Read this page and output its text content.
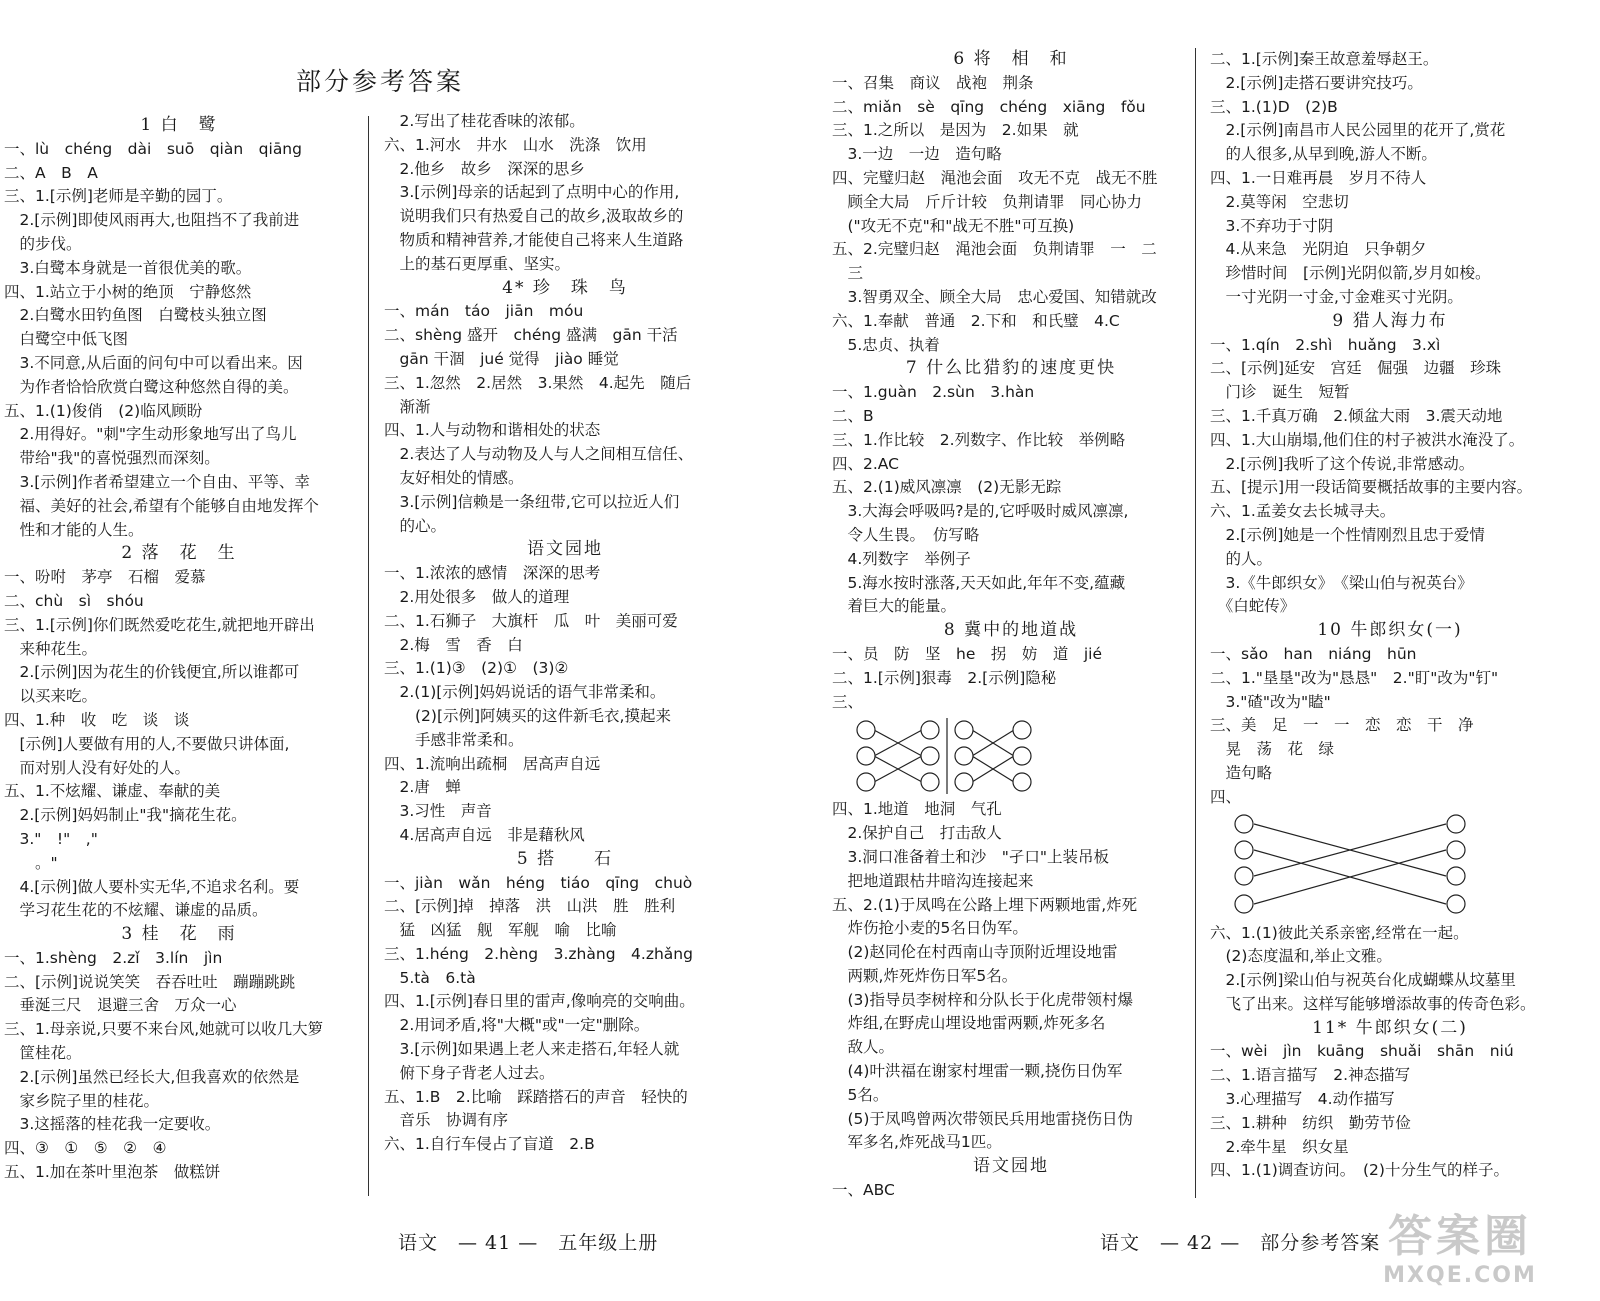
部分参考答案
1 白　鹭
一、lù　chéng　dài　suō　qiàn　qiāng
二、A　B　A
三、1.[示例]老师是辛勤的园丁。
　2.[示例]即使风雨再大,也阻挡不了我前进
　的步伐。
　3.白鹭本身就是一首很优美的歌。
四、1.站立于小树的绝顶　宁静悠然
　2.白鹭水田钓鱼图　白鹭枝头独立图
　白鹭空中低飞图
　3.不同意,从后面的问句中可以看出来。因
　为作者恰恰欣赏白鹭这种悠然自得的美。
五、1.(1)俊俏　(2)临风顾盼
　2.用得好。"刺"字生动形象地写出了鸟儿
　带给"我"的喜悦强烈而深刻。
　3.[示例]作者希望建立一个自由、平等、幸
　福、美好的社会,希望有个能够自由地发挥个
　性和才能的人生。
2 落　花　生
一、吩咐　茅亭　石榴　爱慕
二、chù　sì　shóu
三、1.[示例]你们既然爱吃花生,就把地开辟出
　来种花生。
　2.[示例]因为花生的价钱便宜,所以谁都可
　以买来吃。
四、1.种　收　吃　谈　谈
　[示例]人要做有用的人,不要做只讲体面,
　而对别人没有好处的人。
五、1.不炫耀、谦虚、奉献的美
　2.[示例]妈妈制止"我"摘花生花。
　3."　!"　,"
　　。"
　4.[示例]做人要朴实无华,不追求名利。要
　学习花生花的不炫耀、谦虚的品质。
3 桂　花　雨
一、1.shèng　2.zǐ　3.lín　jìn
二、[示例]说说笑笑　吞吞吐吐　蹦蹦跳跳
　垂涎三尺　退避三舍　万众一心
三、1.母亲说,只要不来台风,她就可以收几大箩
　筐桂花。
　2.[示例]虽然已经长大,但我喜欢的依然是
　家乡院子里的桂花。
　3.这摇落的桂花我一定要收。
四、③　①　⑤　②　④
五、1.加在茶叶里泡茶　做糕饼
　2.写出了桂花香味的浓郁。
六、1.河水　井水　山水　洗涤　饮用
　2.他乡　故乡　深深的思乡
　3.[示例]母亲的话起到了点明中心的作用,
　说明我们只有热爱自己的故乡,汲取故乡的
　物质和精神营养,才能使自己将来人生道路
　上的基石更厚重、坚实。
4* 珍　珠　鸟
一、mán　táo　jiān　móu
二、shèng 盛开　chéng 盛满　gān 干活
　gān 干涸　jué 觉得　jiào 睡觉
三、1.忽然　2.居然　3.果然　4.起先　随后
　渐渐
四、1.人与动物和谐相处的状态
　2.表达了人与动物及人与人之间相互信任、
　友好相处的情感。
　3.[示例]信赖是一条纽带,它可以拉近人们
　的心。
语文园地
一、1.浓浓的感情　深深的思考
　2.用处很多　做人的道理
二、1.石狮子　大旗杆　瓜　叶　美丽可爱
　2.梅　雪　香　白
三、1.(1)③　(2)①　(3)②
　2.(1)[示例]妈妈说话的语气非常柔和。
　　(2)[示例]阿姨买的这件新毛衣,摸起来
　　手感非常柔和。
四、1.流响出疏桐　居高声自远
　2.唐　蝉
　3.习性　声音
　4.居高声自远　非是藉秋风
5 搭　　石
一、jiàn　wǎn　héng　tiáo　qīng　chuò
二、[示例]掉　掉落　洪　山洪　胜　胜利
　猛　凶猛　舰　军舰　喻　比喻
三、1.héng　2.hèng　3.zhàng　4.zhǎng
　5.tà　6.tà
四、1.[示例]春日里的雷声,像响亮的交响曲。
　2.用词矛盾,将"大概"或"一定"删除。
　3.[示例]如果遇上老人来走搭石,年轻人就
　俯下身子背老人过去。
五、1.B　2.比喻　踩踏搭石的声音　轻快的
　音乐　协调有序
六、1.自行车侵占了盲道　2.B
语文　— 41 —　五年级上册
6 将　相　和
一、召集　商议　战袍　荆条
二、miǎn　sè　qīng　chéng　xiāng　fǒu
三、1.之所以　是因为　2.如果　就
　3.一边　一边　造句略
四、完璧归赵　渑池会面　攻无不克　战无不胜
　顾全大局　斤斤计较　负荆请罪　同心协力
　("攻无不克"和"战无不胜"可互换)
五、2.完璧归赵　渑池会面　负荆请罪　一　二
　三
　3.智勇双全、顾全大局　忠心爱国、知错就改
六、1.奉献　普通　2.下和　和氏璧　4.C
　5.忠贞、执着
7 什么比猎豹的速度更快
一、1.guàn　2.sùn　3.hàn
二、B
三、1.作比较　2.列数字、作比较　举例略
四、2.AC
五、2.(1)威风凛凛　(2)无影无踪
　3.大海会呼吸吗?是的,它呼吸时威风凛凛,
　令人生畏。　仿写略
　4.列数字　举例子
　5.海水按时涨落,天天如此,年年不变,蕴藏
　着巨大的能量。
8 冀中的地道战
一、员　防　坚　he　拐　妨　道　jié
二、1.[示例]狠毒　2.[示例]隐秘
三、
四、1.地道　地洞　气孔
　2.保护自己　打击敌人
　3.洞口准备着土和沙　"孑口"上装吊板
　把地道跟枯井暗沟连接起来
五、2.(1)于凤鸣在公路上埋下两颗地雷,炸死
　炸伤抢小麦的5名日伪军。
　(2)赵同伦在村西南山寺顶附近埋设地雷
　两颗,炸死炸伤日军5名。
　(3)指导员李树梓和分队长于化虎带领村爆
　炸组,在野虎山埋设地雷两颗,炸死多名
　敌人。
　(4)叶洪福在谢家村埋雷一颗,挠伤日伪军
　5名。
　(5)于凤鸣曾两次带领民兵用地雷挠伤日伪
　军多名,炸死战马1匹。
语文园地
一、ABC
二、1.[示例]秦王故意羞辱赵王。
　2.[示例]走搭石要讲究技巧。
三、1.(1)D　(2)B
　2.[示例]南昌市人民公园里的花开了,赏花
　的人很多,从早到晚,游人不断。
四、1.一日难再晨　岁月不待人
　2.莫等闲　空悲切
　3.不弃功于寸阴
　4.从来急　光阴迫　只争朝夕
　珍惜时间　[示例]光阴似箭,岁月如梭。
　一寸光阴一寸金,寸金难买寸光阴。
9 猎人海力布
一、1.qín　2.shì　huǎng　3.xì
二、[示例]延安　宫廷　倔强　边疆　珍珠
　门诊　诞生　短暂
三、1.千真万确　2.倾盆大雨　3.震天动地
四、1.大山崩塌,他们住的村子被洪水淹没了。
　2.[示例]我听了这个传说,非常感动。
五、[提示]用一段话简要概括故事的主要内容。
六、1.孟姜女去长城寻夫。
　2.[示例]她是一个性情刚烈且忠于爱情
　的人。
　3.《牛郎织女》　《梁山伯与祝英台》
　《白蛇传》
10 牛郎织女(一)
一、sǎo　han　niáng　hūn
二、1."垦垦"改为"恳恳"　2."盯"改为"钉"
　3."碴"改为"瞌"
三、美　足　一　一　恋　恋　干　净
　晃　荡　花　绿
　造句略
四、
六、1.(1)彼此关系亲密,经常在一起。
　(2)态度温和,举止文雅。
　2.[示例]梁山伯与祝英台化成蝴蝶从坟墓里
　飞了出来。这样写能够增添故事的传奇色彩。
11* 牛郎织女(二)
一、wèi　jìn　kuāng　shuǎi　shān　niú
二、1.语言描写　2.神态描写
　3.心理描写　4.动作描写
三、1.耕种　纺织　勤劳节俭
　2.牵牛星　织女星
四、1.(1)调查访问。　(2)十分生气的样子。
语文　— 42 —　部分参考答案 答案圈
MXQE.COM
